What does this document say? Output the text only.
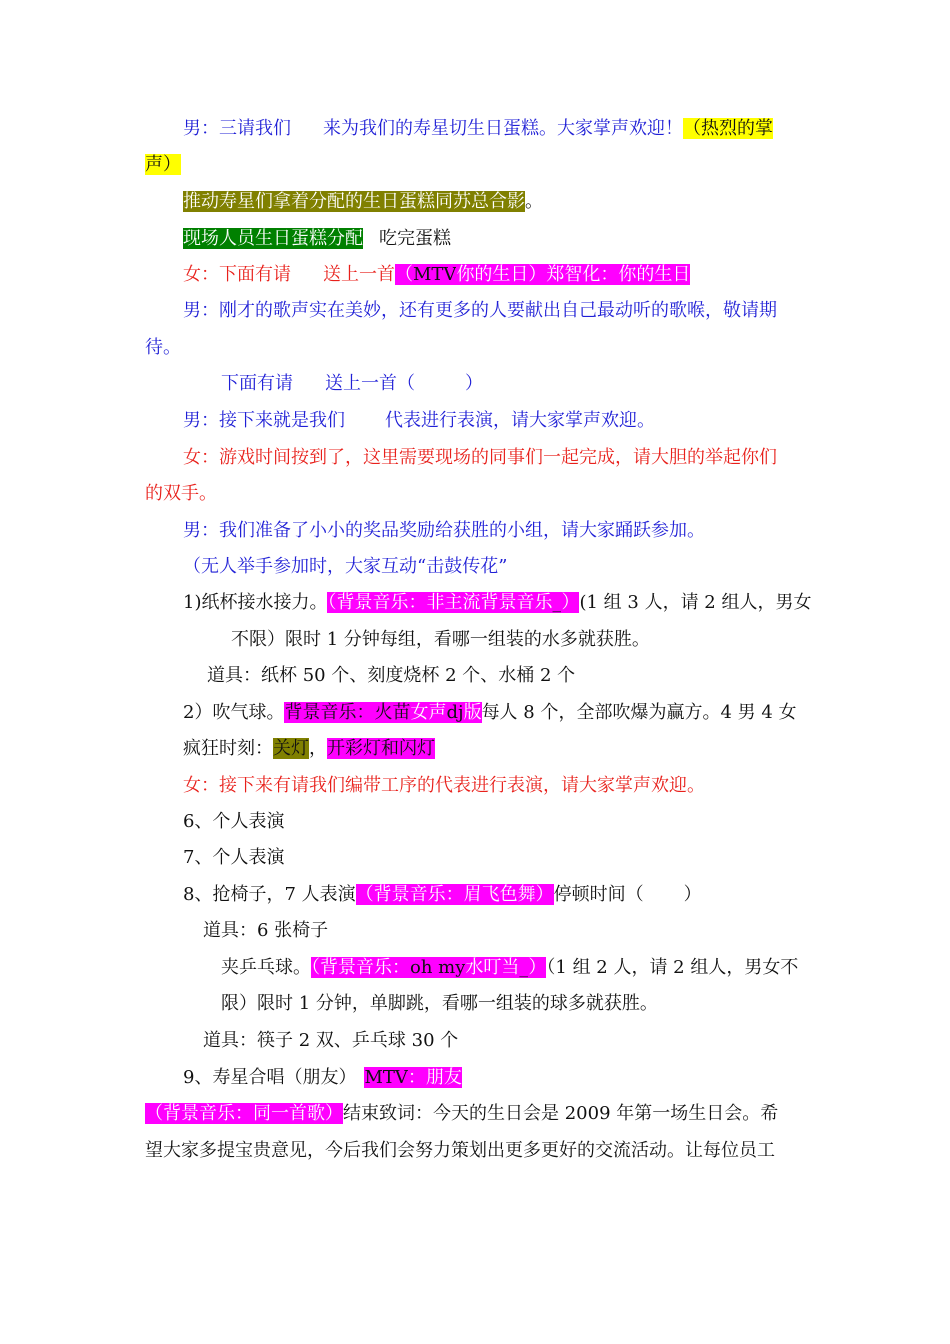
男：三请我们 来为我们的寿星切生日蛋糕。大家掌声欢迎！（热烈的掌
声）
推动寿星们拿着分配的生日蛋糕同苏总合影。
现场人员生日蛋糕分配 吃完蛋糕
女：下面有请 送上一首（MTV你的生日）郑智化：你的生日
男：刚才的歌声实在美妙，还有更多的人要献出自己最动听的歌喉，敬请期
待。
下面有请 送上一首（	）
男：接下来就是我们 代表进行表演，请大家掌声欢迎。
女：游戏时间按到了，这里需要现场的同事们一起完成，请大胆的举起你们
的双手。
男：我们准备了小小的奖品奖励给获胜的小组，请大家踊跃参加。
（无人举手参加时，大家互动“击鼓传花”
1)纸杯接水接力。（背景音乐：非主流背景音乐_）(1 组 3 人，请 2 组人，男女
不限）限时 1 分钟每组，看哪一组装的水多就获胜。
道具：纸杯 50 个、刻度烧杯 2 个、水桶 2 个
2）吹气球。背景音乐：火苗女声dj版每人 8 个，全部吹爆为赢方。4 男 4 女
疯狂时刻：关灯，开彩灯和闪灯
女：接下来有请我们编带工序的代表进行表演，请大家掌声欢迎。
6、个人表演
7、个人表演
8、抢椅子，7 人表演（背景音乐：眉飞色舞）停顿时间（ ）
道具：6 张椅子
夹乒乓球。（背景音乐：oh my水叮当_）（1 组 2 人，请 2 组人，男女不
限）限时 1 分钟，单脚跳，看哪一组装的球多就获胜。
道具：筷子 2 双、乒乓球 30 个
9、寿星合唱（朋友） MTV：朋友
（背景音乐：同一首歌）结束致词：今天的生日会是 2009 年第一场生日会。希
望大家多提宝贵意见，今后我们会努力策划出更多更好的交流活动。让每位员工
